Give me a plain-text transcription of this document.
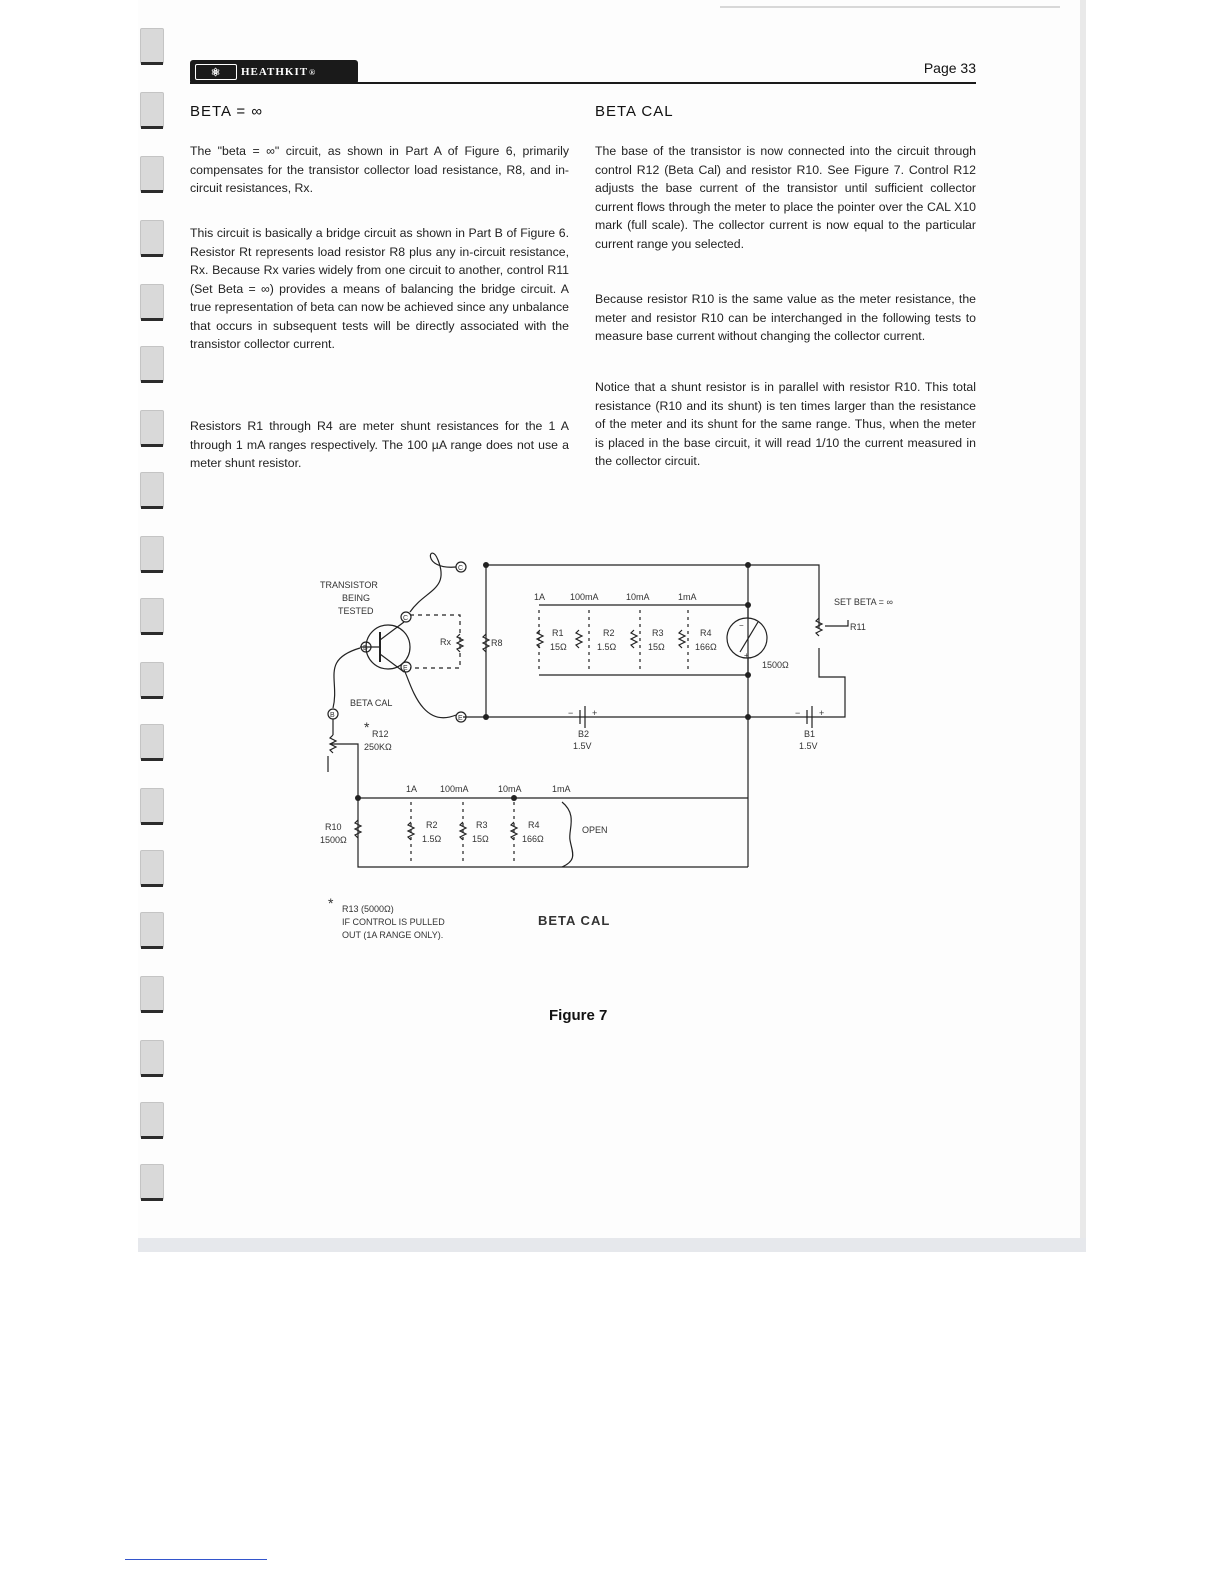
⚛	HEATHKIT ®	Page 33
BETA = ∞

The "beta = ∞" circuit, as shown in Part A of Figure 6, primarily compensates for the transistor collector load resistance, R8, and in-circuit resistances, Rx.

This circuit is basically a bridge circuit as shown in Part B of Figure 6. Resistor Rt represents load resistor R8 plus any in-circuit resistance, Rx. Because Rx varies widely from one circuit to another, control R11 (Set Beta = ∞) provides a means of balancing the bridge circuit. A true representation of beta can now be achieved since any unbalance that occurs in subsequent tests will be directly associated with the transistor collector current.

Resistors R1 through R4 are meter shunt resistances for the 1 A through 1 mA ranges respectively. The 100 µA range does not use a meter shunt resistor.

BETA CAL

The base of the transistor is now connected into the circuit through control R12 (Beta Cal) and resistor R10. See Figure 7. Control R12 adjusts the base current of the transistor until sufficient collector current flows through the meter to place the pointer over the CAL X10 mark (full scale). The collector current is now equal to the particular current range you selected.

Because resistor R10 is the same value as the meter resistance, the meter and resistor R10 can be interchanged in the following tests to measure base current without changing the collector current.

Notice that a shunt resistor is in parallel with resistor R10. This total resistance (R10 and its shunt) is ten times larger than the resistance of the meter and its shunt for the same range. Thus, when the meter is placed in the base circuit, it will read 1/10 the current measured in the collector circuit.

TRANSISTOR
BEING
TESTED
C
B
E
C
E
B
Rx	R8
BETA CAL
* R12
250KΩ
1A	100mA	10mA	1mA
R1
15Ω
R2
1.5Ω
R3
15Ω
R4
166Ω
−
+
1500Ω
SET BETA = ∞
R11
− +
B2
1.5V
− +
B1
1.5V
1A	100mA	10mA	1mA
R10
1500Ω
R2
1.5Ω
R3
15Ω
R4
166Ω
OPEN
* R13 (5000Ω)
IF CONTROL IS PULLED
OUT (1A RANGE ONLY).
BETA CAL
Figure 7
